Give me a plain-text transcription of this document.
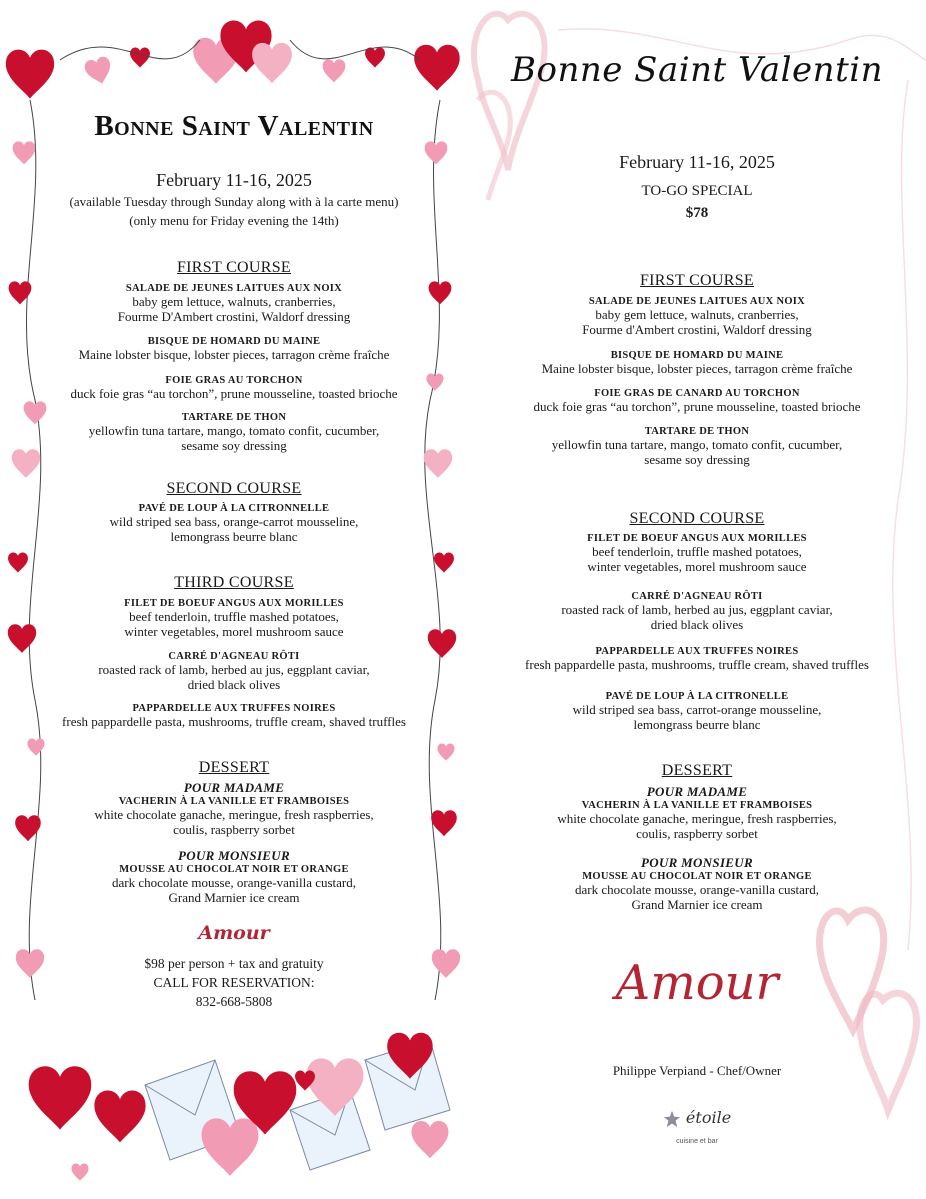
Bonne Saint Valentin

February 11-16, 2025

(available Tuesday through Sunday along with à la carte menu)

(only menu for Friday evening the 14th)

FIRST COURSE

SALADE DE JEUNES LAITUES AUX NOIX

baby gem lettuce, walnuts, cranberries,

Fourme D'Ambert crostini, Waldorf dressing

BISQUE DE HOMARD DU MAINE

Maine lobster bisque, lobster pieces, tarragon crème fraîche

FOIE GRAS AU TORCHON

duck foie gras “au torchon”, prune mousseline, toasted brioche

TARTARE DE THON

yellowfin tuna tartare, mango, tomato confit, cucumber,

sesame soy dressing

SECOND COURSE

PAVÉ DE LOUP À LA CITRONNELLE

wild striped sea bass, orange-carrot mousseline,

lemongrass beurre blanc

THIRD COURSE

FILET DE BOEUF ANGUS AUX MORILLES

beef tenderloin, truffle mashed potatoes,

winter vegetables, morel mushroom sauce

CARRÉ D'AGNEAU RÔTI

roasted rack of lamb, herbed au jus, eggplant caviar,

dried black olives

PAPPARDELLE AUX TRUFFES NOIRES

fresh pappardelle pasta, mushrooms, truffle cream, shaved truffles

DESSERT

POUR MADAME

VACHERIN À LA VANILLE ET FRAMBOISES

white chocolate ganache, meringue, fresh raspberries,

coulis, raspberry sorbet

POUR MONSIEUR

MOUSSE AU CHOCOLAT NOIR ET ORANGE

dark chocolate mousse, orange-vanilla custard,

Grand Marnier ice cream

Amour

$98 per person + tax and gratuity

CALL FOR RESERVATION:

832-668-5808

Bonne Saint Valentin

February 11-16, 2025

TO-GO SPECIAL

$78

FIRST COURSE

SALADE DE JEUNES LAITUES AUX NOIX

baby gem lettuce, walnuts, cranberries,

Fourme d'Ambert crostini, Waldorf dressing

BISQUE DE HOMARD DU MAINE

Maine lobster bisque, lobster pieces, tarragon crème fraîche

FOIE GRAS DE CANARD AU TORCHON

duck foie gras “au torchon”, prune mousseline, toasted brioche

TARTARE DE THON

yellowfin tuna tartare, mango, tomato confit, cucumber,

sesame soy dressing

SECOND COURSE

FILET DE BOEUF ANGUS AUX MORILLES

beef tenderloin, truffle mashed potatoes,

winter vegetables, morel mushroom sauce

CARRÉ D'AGNEAU RÔTI

roasted rack of lamb, herbed au jus, eggplant caviar,

dried black olives

PAPPARDELLE AUX TRUFFES NOIRES

fresh pappardelle pasta, mushrooms, truffle cream, shaved truffles

PAVÉ DE LOUP À LA CITRONELLE

wild striped sea bass, carrot-orange mousseline,

lemongrass beurre blanc

DESSERT

POUR MADAME

VACHERIN À LA VANILLE ET FRAMBOISES

white chocolate ganache, meringue, fresh raspberries,

coulis, raspberry sorbet

POUR MONSIEUR

MOUSSE AU CHOCOLAT NOIR ET ORANGE

dark chocolate mousse, orange-vanilla custard,

Grand Marnier ice cream

Amour
Philippe Verpiand - Chef/Owner
étoile
cuisine et bar
